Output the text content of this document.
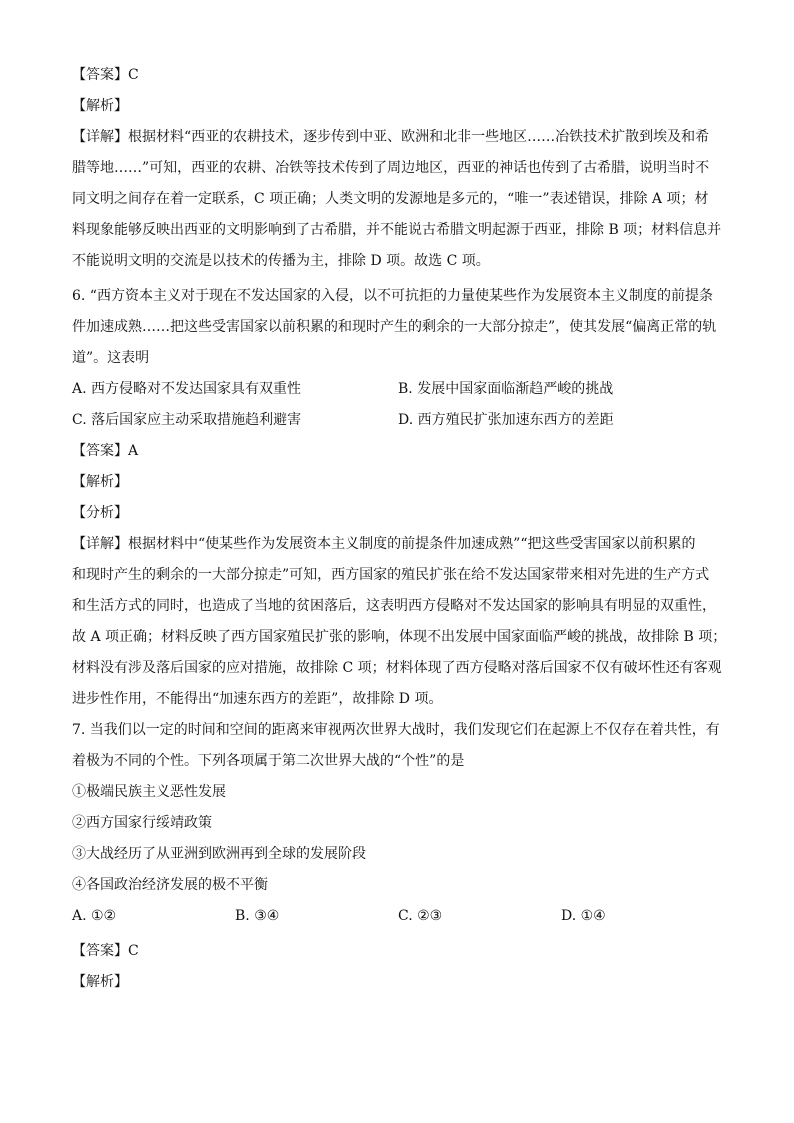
【答案】C
【解析】
【详解】根据材料“西亚的农耕技术，逐步传到中亚、欧洲和北非一些地区……冶铁技术扩散到埃及和希
腊等地……”可知，西亚的农耕、冶铁等技术传到了周边地区，西亚的神话也传到了古希腊，说明当时不
同文明之间存在着一定联系，C 项正确；人类文明的发源地是多元的，“唯一”表述错误，排除 A 项；材
料现象能够反映出西亚的文明影响到了古希腊，并不能说古希腊文明起源于西亚，排除 B 项；材料信息并
不能说明文明的交流是以技术的传播为主，排除 D 项。故选 C 项。
6. “西方资本主义对于现在不发达国家的入侵，以不可抗拒的力量使某些作为发展资本主义制度的前提条
件加速成熟……把这些受害国家以前积累的和现时产生的剩余的一大部分掠走”，使其发展“偏离正常的轨
道”。这表明
A. 西方侵略对不发达国家具有双重性	B. 发展中国家面临渐趋严峻的挑战
C. 落后国家应主动采取措施趋利避害	D. 西方殖民扩张加速东西方的差距
【答案】A
【解析】
【分析】
【详解】根据材料中“使某些作为发展资本主义制度的前提条件加速成熟”“把这些受害国家以前积累的
和现时产生的剩余的一大部分掠走”可知，西方国家的殖民扩张在给不发达国家带来相对先进的生产方式
和生活方式的同时，也造成了当地的贫困落后，这表明西方侵略对不发达国家的影响具有明显的双重性，
故 A 项正确；材料反映了西方国家殖民扩张的影响，体现不出发展中国家面临严峻的挑战，故排除 B 项；
材料没有涉及落后国家的应对措施，故排除 C 项；材料体现了西方侵略对落后国家不仅有破坏性还有客观
进步性作用，不能得出“加速东西方的差距”，故排除 D 项。
7. 当我们以一定的时间和空间的距离来审视两次世界大战时，我们发现它们在起源上不仅存在着共性，有
着极为不同的个性。下列各项属于第二次世界大战的“个性”的是
①极端民族主义恶性发展
②西方国家行绥靖政策
③大战经历了从亚洲到欧洲再到全球的发展阶段
④各国政治经济发展的极不平衡
A. ①②	B. ③④	C. ②③	D. ①④
【答案】C
【解析】
